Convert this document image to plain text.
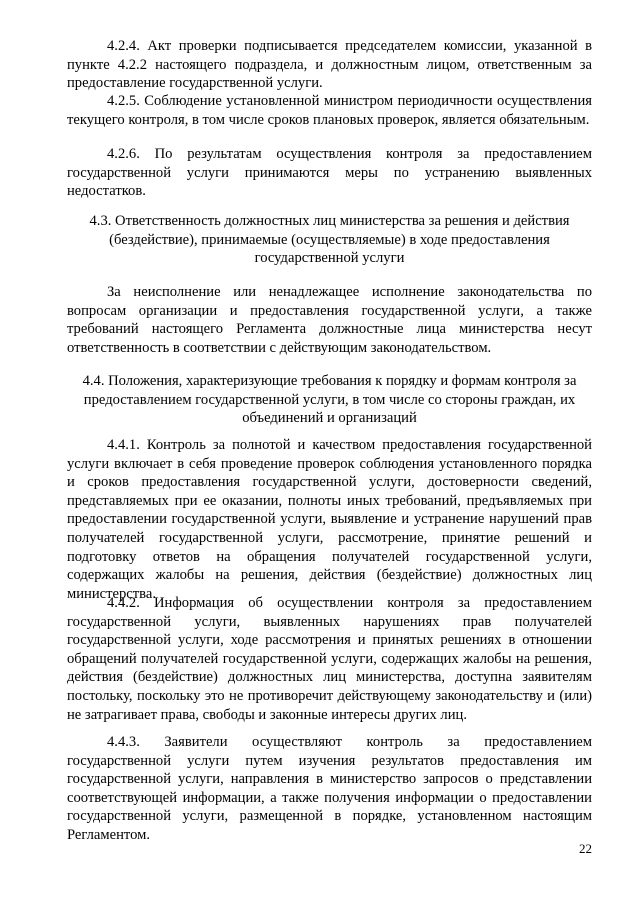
4.2.4. Акт проверки подписывается председателем комиссии, указанной в пункте 4.2.2 настоящего подраздела, и должностным лицом, ответственным за предоставление государственной услуги.

4.2.5. Соблюдение установленной министром периодичности осуществления текущего контроля, в том числе сроков плановых проверок, является обязательным.

4.2.6. По результатам осуществления контроля за предоставлением государственной услуги принимаются меры по устранению выявленных недостатков.

4.3. Ответственность должностных лиц министерства за решения и действия (бездействие), принимаемые (осуществляемые) в ходе предоставления государственной услуги

За неисполнение или ненадлежащее исполнение законодательства по вопросам организации и предоставления государственной услуги, а также требований настоящего Регламента должностные лица министерства несут ответственность в соответствии с действующим законодательством.

4.4. Положения, характеризующие требования к порядку и формам контроля за предоставлением государственной услуги, в том числе со стороны граждан, их объединений и организаций

4.4.1. Контроль за полнотой и качеством предоставления государственной услуги включает в себя проведение проверок соблюдения установленного порядка и сроков предоставления государственной услуги, достоверности сведений, представляемых при ее оказании, полноты иных требований, предъявляемых при предоставлении государственной услуги, выявление и устранение нарушений прав получателей государственной услуги, рассмотрение, принятие решений и подготовку ответов на обращения получателей государственной услуги, содержащих жалобы на решения, действия (бездействие) должностных лиц министерства.

4.4.2. Информация об осуществлении контроля за предоставлением государственной услуги, выявленных нарушениях прав получателей государственной услуги, ходе рассмотрения и принятых решениях в отношении обращений получателей государственной услуги, содержащих жалобы на решения, действия (бездействие) должностных лиц министерства, доступна заявителям постольку, поскольку это не противоречит действующему законодательству и (или) не затрагивает права, свободы и законные интересы других лиц.

4.4.3. Заявители осуществляют контроль за предоставлением государственной услуги путем изучения результатов предоставления им государственной услуги, направления в министерство запросов о представлении соответствующей информации, а также получения информации о предоставлении государственной услуги, размещенной в порядке, установленном настоящим Регламентом.

22
